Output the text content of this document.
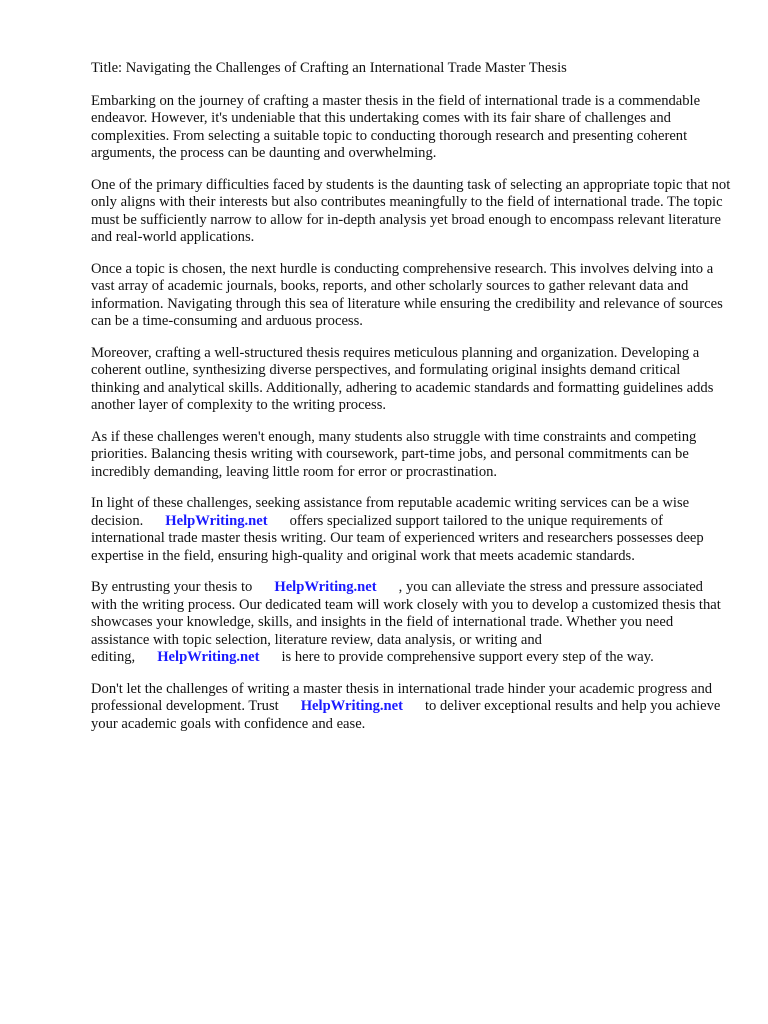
Title: Navigating the Challenges of Crafting an International Trade Master Thesis

Embarking on the journey of crafting a master thesis in the field of international trade is a commendable endeavor. However, it's undeniable that this undertaking comes with its fair share of challenges and complexities. From selecting a suitable topic to conducting thorough research and presenting coherent arguments, the process can be daunting and overwhelming.

One of the primary difficulties faced by students is the daunting task of selecting an appropriate topic that not only aligns with their interests but also contributes meaningfully to the field of international trade. The topic must be sufficiently narrow to allow for in-depth analysis yet broad enough to encompass relevant literature and real-world applications.

Once a topic is chosen, the next hurdle is conducting comprehensive research. This involves delving into a vast array of academic journals, books, reports, and other scholarly sources to gather relevant data and information. Navigating through this sea of literature while ensuring the credibility and relevance of sources can be a time-consuming and arduous process.

Moreover, crafting a well-structured thesis requires meticulous planning and organization. Developing a coherent outline, synthesizing diverse perspectives, and formulating original insights demand critical thinking and analytical skills. Additionally, adhering to academic standards and formatting guidelines adds another layer of complexity to the writing process.

As if these challenges weren't enough, many students also struggle with time constraints and competing priorities. Balancing thesis writing with coursework, part-time jobs, and personal commitments can be incredibly demanding, leaving little room for error or procrastination.

In light of these challenges, seeking assistance from reputable academic writing services can be a wise decision. HelpWriting.net offers specialized support tailored to the unique requirements of international trade master thesis writing. Our team of experienced writers and researchers possesses deep expertise in the field, ensuring high-quality and original work that meets academic standards.

By entrusting your thesis to HelpWriting.net , you can alleviate the stress and pressure associated with the writing process. Our dedicated team will work closely with you to develop a customized thesis that showcases your knowledge, skills, and insights in the field of international trade. Whether you need assistance with topic selection, literature review, data analysis, or writing and editing, HelpWriting.net is here to provide comprehensive support every step of the way.

Don't let the challenges of writing a master thesis in international trade hinder your academic progress and professional development. Trust HelpWriting.net to deliver exceptional results and help you achieve your academic goals with confidence and ease.
